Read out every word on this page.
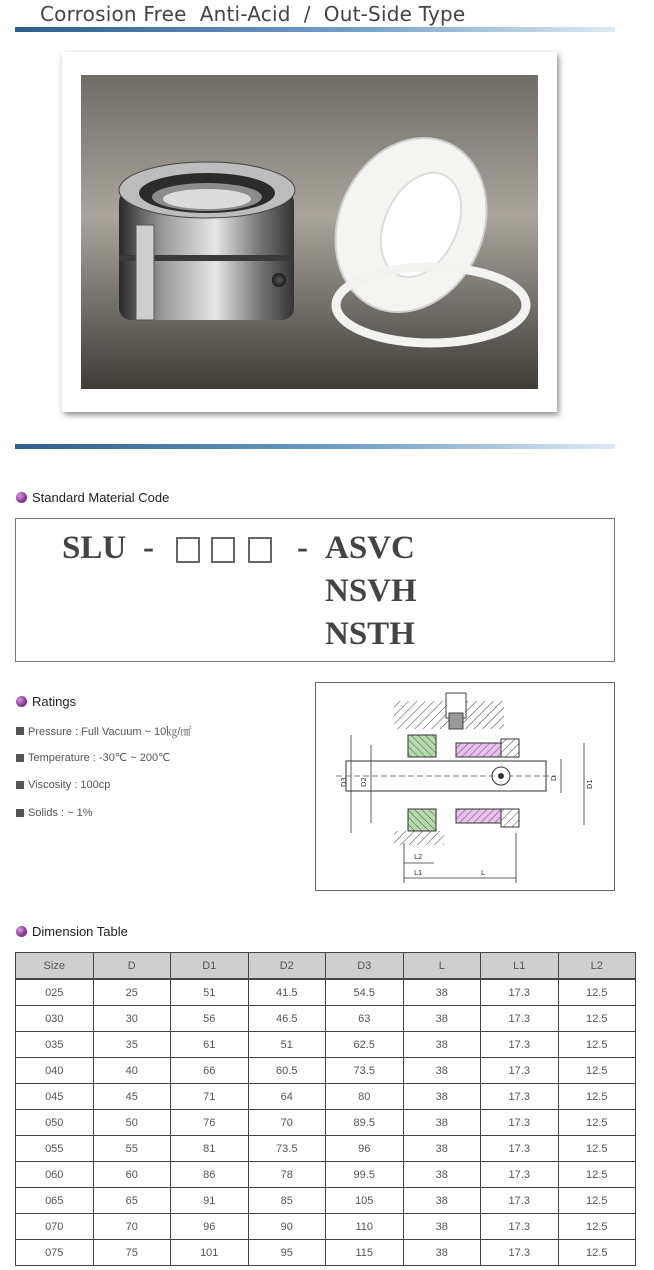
Corrosion Free  Anti-Acid  /  Out-Side Type
Standard Material Code
SLU -	- ASVC
NSVH
NSTH
Ratings
Pressure : Full Vacuum ~ 10㎏/㎠
Temperature : -30℃ ~ 200℃
Viscosity : 100cp
Solids : ~ 1%
D3 D2	D
D1
L2
L1	L
Dimension Table
Size	D	D1	D2	D3	L	L1	L2
025	25	51	41.5	54.5	38	17.3	12.5
030	30	56	46.5	63	38	17.3	12.5
035	35	61	51	62.5	38	17.3	12.5
040	40	66	60.5	73.5	38	17.3	12.5
045	45	71	64	80	38	17.3	12.5
050	50	76	70	89.5	38	17.3	12.5
055	55	81	73.5	96	38	17.3	12.5
060	60	86	78	99.5	38	17.3	12.5
065	65	91	85	105	38	17.3	12.5
070	70	96	90	110	38	17.3	12.5
075	75	101	95	115	38	17.3	12.5
